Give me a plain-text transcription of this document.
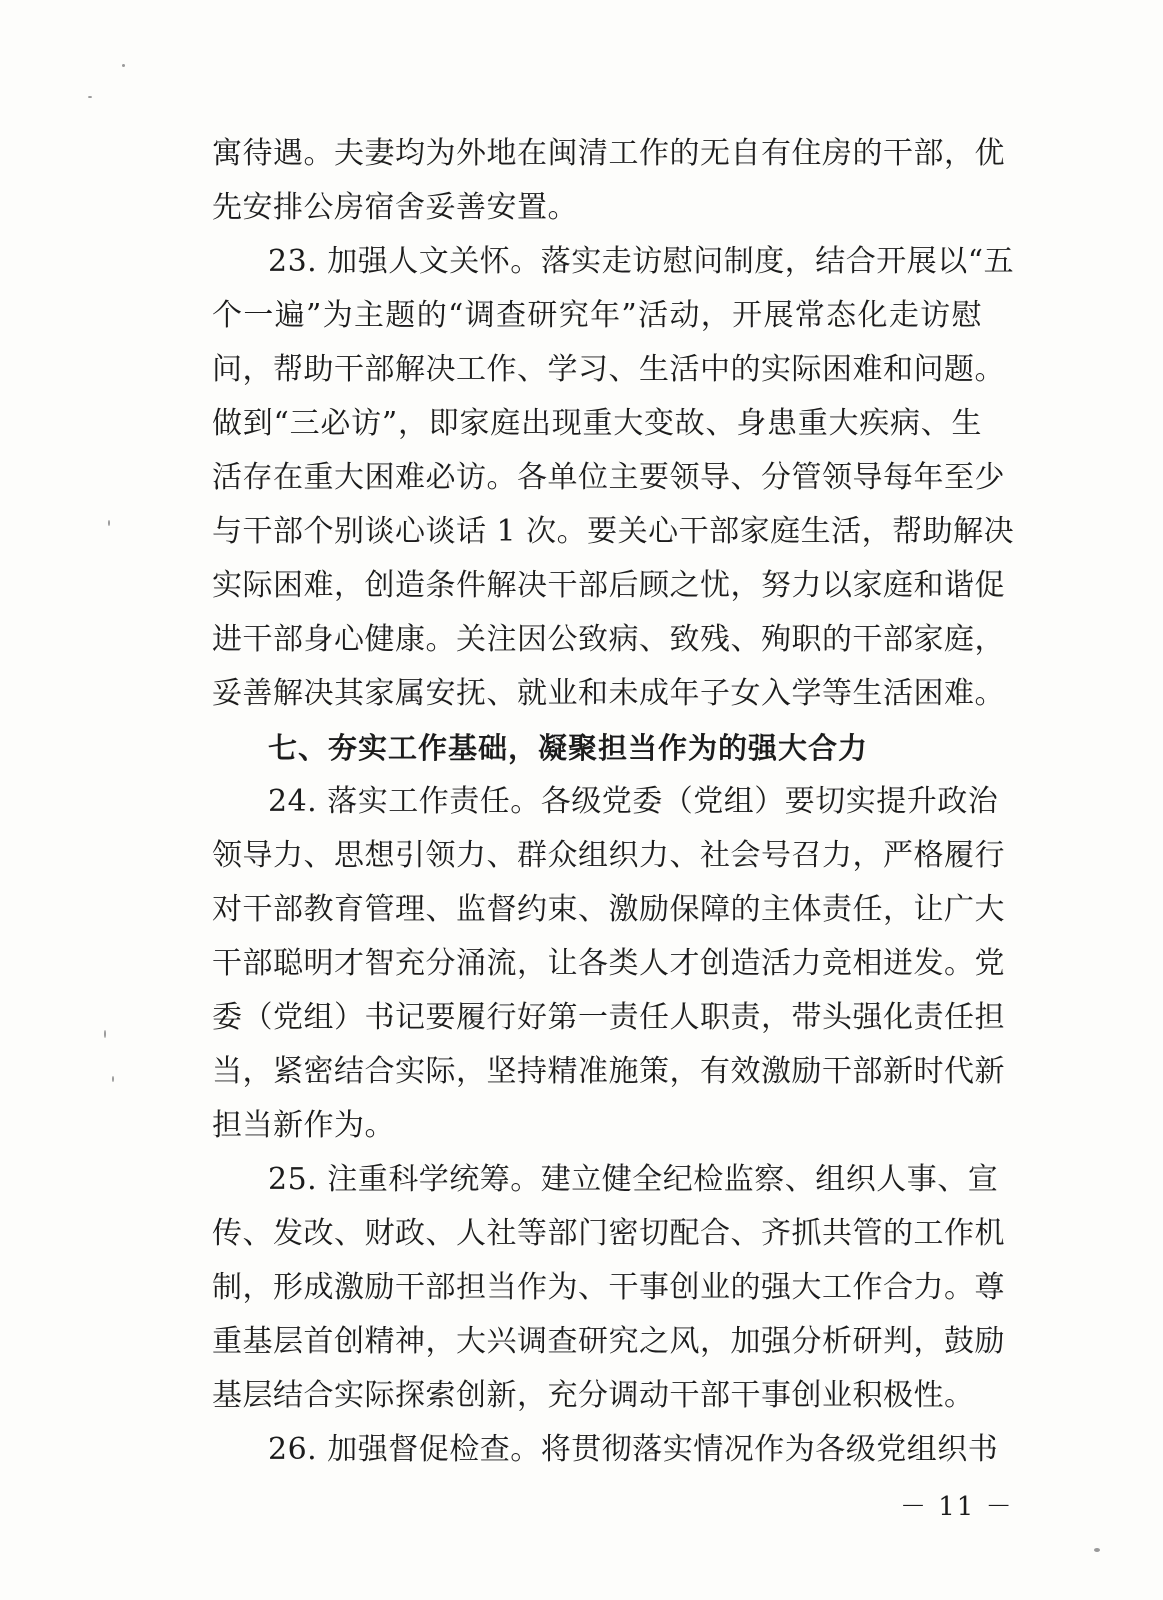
寓待遇。夫妻均为外地在闽清工作的无自有住房的干部，优
先安排公房宿舍妥善安置。
23. 加强人文关怀。落实走访慰问制度，结合开展以“五
个一遍”为主题的“调查研究年”活动，开展常态化走访慰
问，帮助干部解决工作、学习、生活中的实际困难和问题。
做到“三必访”，即家庭出现重大变故、身患重大疾病、生
活存在重大困难必访。各单位主要领导、分管领导每年至少
与干部个别谈心谈话 1 次。要关心干部家庭生活，帮助解决
实际困难，创造条件解决干部后顾之忧，努力以家庭和谐促
进干部身心健康。关注因公致病、致残、殉职的干部家庭，
妥善解决其家属安抚、就业和未成年子女入学等生活困难。
七、夯实工作基础，凝聚担当作为的强大合力
24. 落实工作责任。各级党委（党组）要切实提升政治
领导力、思想引领力、群众组织力、社会号召力，严格履行
对干部教育管理、监督约束、激励保障的主体责任，让广大
干部聪明才智充分涌流，让各类人才创造活力竞相迸发。党
委（党组）书记要履行好第一责任人职责，带头强化责任担
当，紧密结合实际，坚持精准施策，有效激励干部新时代新
担当新作为。
25. 注重科学统筹。建立健全纪检监察、组织人事、宣
传、发改、财政、人社等部门密切配合、齐抓共管的工作机
制，形成激励干部担当作为、干事创业的强大工作合力。尊
重基层首创精神，大兴调查研究之风，加强分析研判，鼓励
基层结合实际探索创新，充分调动干部干事创业积极性。
26. 加强督促检查。将贯彻落实情况作为各级党组织书
－ 11 －
